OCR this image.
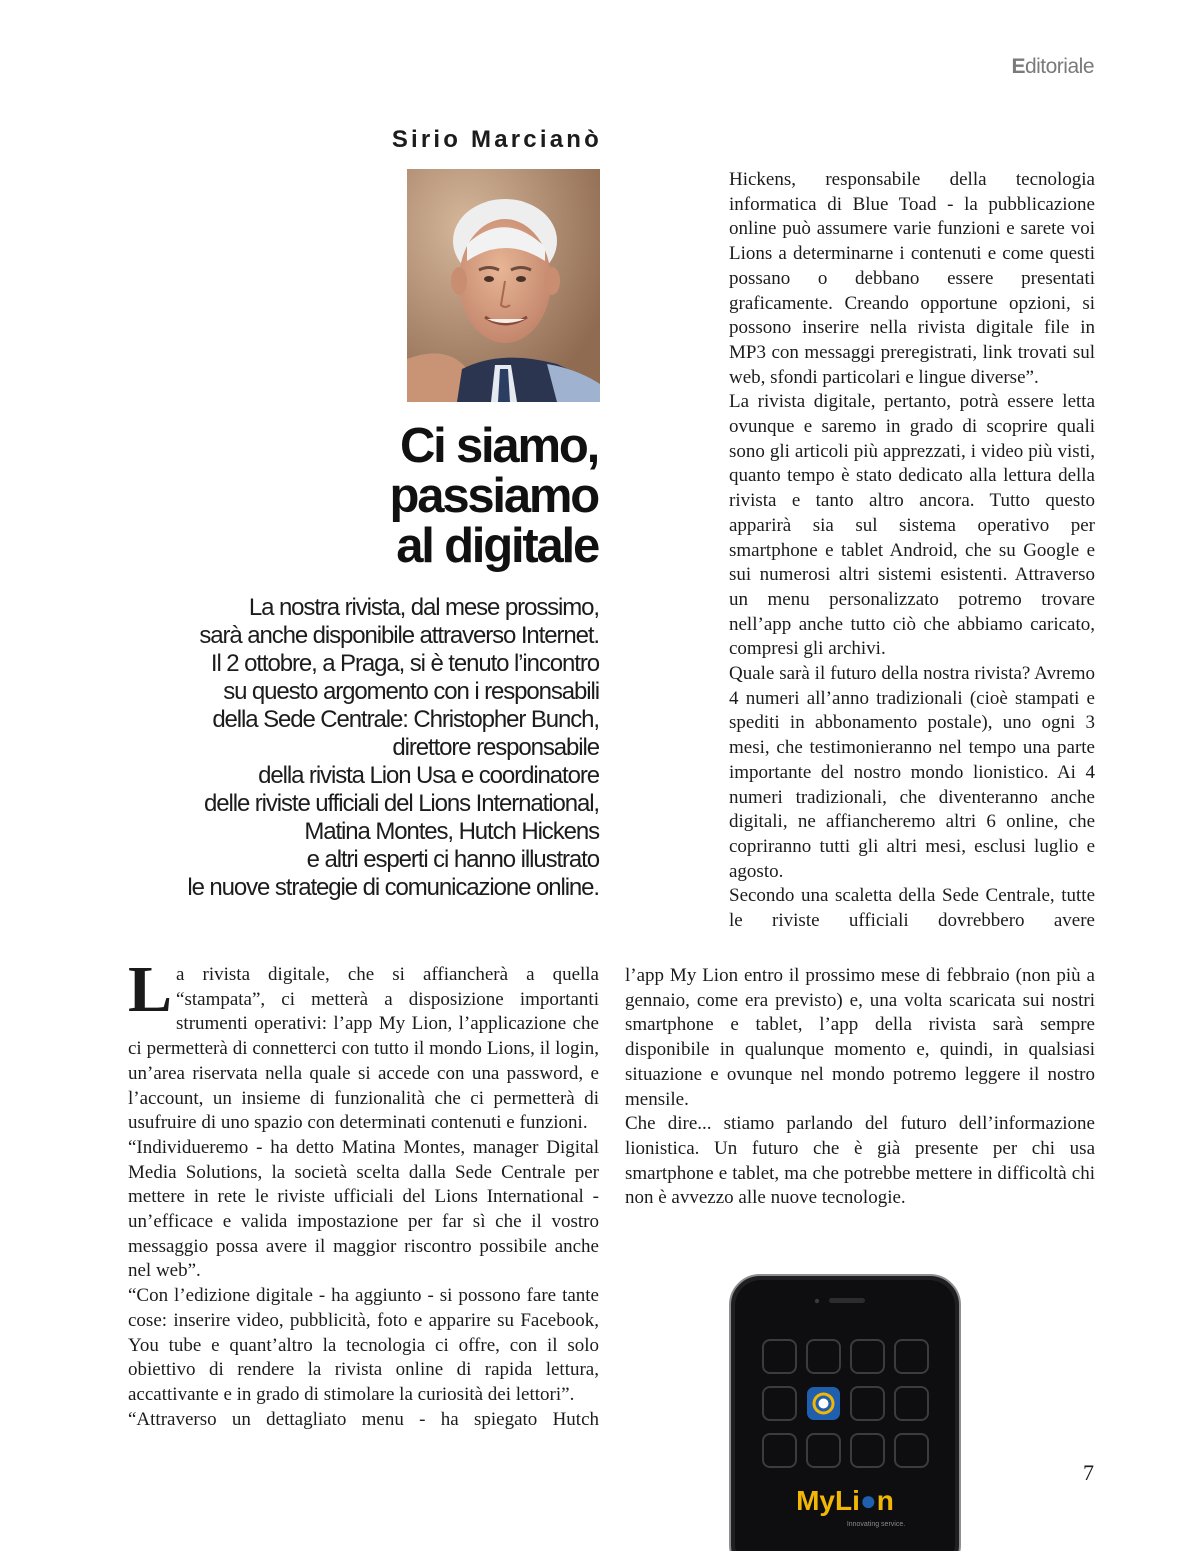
Editoriale
Sirio Marcianò
Ci siamo,
passiamo
al digitale
La nostra rivista, dal mese prossimo,
sarà anche disponibile attraverso Internet.
Il 2 ottobre, a Praga, si è tenuto l’incontro
su questo argomento con i responsabili
della Sede Centrale: Christopher Bunch,
direttore responsabile
della rivista Lion Usa e coordinatore
delle riviste ufficiali del Lions International,
Matina Montes, Hutch Hickens
e altri esperti ci hanno illustrato
le nuove strategie di comunicazione online.

La rivista digitale, che si affiancherà a quella “stampata”, ci metterà a disposizione importanti strumenti operativi: l’app My Lion, l’applicazione che ci permetterà di connetterci con tutto il mondo Lions, il login, un’area riservata nella quale si accede con una password, e l’account, un insieme di funzionalità che ci permetterà di usufruire di uno spazio con determinati contenuti e funzioni.

“Individueremo - ha detto Matina Montes, manager Digital Media Solutions, la società scelta dalla Sede Centrale per mettere in rete le riviste ufficiali del Lions International - un’efficace e valida impostazione per far sì che il vostro messaggio possa avere il maggior riscontro possibile anche nel web”.

“Con l’edizione digitale - ha aggiunto - si possono fare tante cose: inserire video, pubblicità, foto e apparire su Facebook, You tube e quant’altro la tecnologia ci offre, con il solo obiettivo di rendere la rivista online di rapida lettura, accattivante e in grado di stimolare la curiosità dei lettori”.

“Attraverso un dettagliato menu - ha spiegato Hutch

Hickens, responsabile della tecnologia informatica di Blue Toad - la pubblicazione online può assumere varie funzioni e sarete voi Lions a determinarne i contenuti e come questi possano o debbano essere presentati graficamente. Creando opportune opzioni, si possono inserire nella rivista digitale file in MP3 con messaggi preregistrati, link trovati sul web, sfondi particolari e lingue diverse”.

La rivista digitale, pertanto, potrà essere letta ovunque e saremo in grado di scoprire quali sono gli articoli più apprezzati, i video più visti, quanto tempo è stato dedicato alla lettura della rivista e tanto altro ancora. Tutto questo apparirà sia sul sistema operativo per smartphone e tablet Android, che su Google e sui numerosi altri sistemi esistenti. Attraverso un menu personalizzato potremo trovare nell’app anche tutto ciò che abbiamo caricato, compresi gli archivi.

Quale sarà il futuro della nostra rivista? Avremo 4 numeri all’anno tradizionali (cioè stampati e spediti in abbonamento postale), uno ogni 3 mesi, che testimonieranno nel tempo una parte importante del nostro mondo lionistico. Ai 4 numeri tradizionali, che diventeranno anche digitali, ne affiancheremo altri 6 online, che copriranno tutti gli altri mesi, esclusi luglio e agosto.

Secondo una scaletta della Sede Centrale, tutte le riviste ufficiali dovrebbero avere

l’app My Lion entro il prossimo mese di febbraio (non più a gennaio, come era previsto) e, una volta scaricata sui nostri smartphone e tablet, l’app della rivista sarà sempre disponibile in qualunque momento e, quindi, in qualsiasi situazione e ovunque nel mondo potremo leggere il nostro mensile.

Che dire... stiamo parlando del futuro dell’informazione lionistica. Un futuro che è già presente per chi usa smartphone e tablet, ma che potrebbe mettere in difficoltà chi non è avvezzo alle nuove tecnologie.

MyLi●n
Innovating service.
7
